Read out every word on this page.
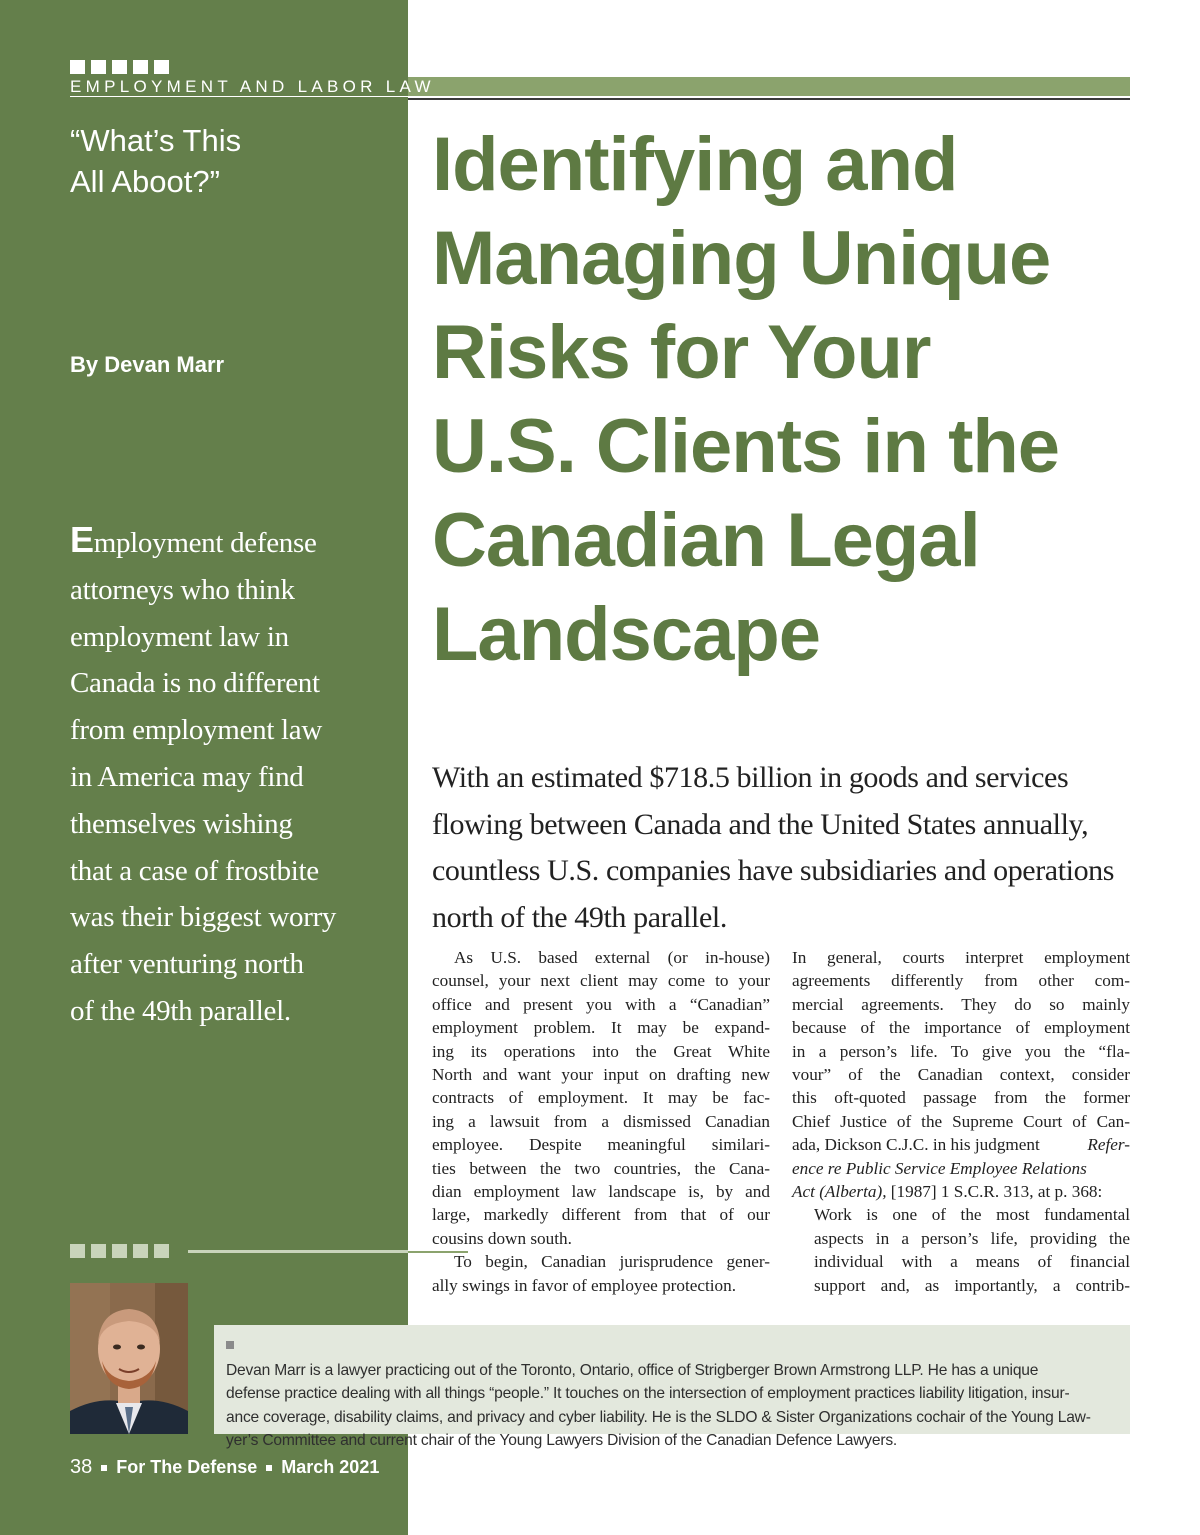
EMPLOYMENT AND LABOR LAW
“What’s This
All Aboot?”
By Devan Marr
Employment defense
attorneys who think
employment law in
Canada is no different
from employment law
in America may find
themselves wishing
that a case of frostbite
was their biggest worry
after venturing north
of the 49th parallel.
Identifying and
Managing Unique
Risks for Your
U.S. Clients in the
Canadian Legal
Landscape
With an estimated $718.5 billion in goods and services
flowing between Canada and the United States annually,
countless U.S. companies have subsidiaries and operations
north of the 49th parallel.
As U.S. based external (or in-house)
counsel, your next client may come to your
office and present you with a “Canadian”
employment problem. It may be expand-
ing its operations into the Great White
North and want your input on drafting new
contracts of employment. It may be fac-
ing a lawsuit from a dismissed Canadian
employee. Despite meaningful similari-
ties between the two countries, the Cana-
dian employment law landscape is, by and
large, markedly different from that of our
cousins down south.
To begin, Canadian jurisprudence gener-
ally swings in favor of employee protection.
In general, courts interpret employment
agreements differently from other com-
mercial agreements. They do so mainly
because of the importance of employment
in a person’s life. To give you the “fla-
vour” of the Canadian context, consider
this oft-quoted passage from the former
Chief Justice of the Supreme Court of Can-
ada, Dickson C.J.C. in his judgment	Refer-
ence re Public Service Employee Relations
Act (Alberta), [1987] 1 S.C.R. 313, at p. 368:
Work is one of the most fundamental
aspects in a person’s life, providing the
individual with a means of financial
support and, as importantly, a contrib-
Devan Marr is a lawyer practicing out of the Toronto, Ontario, office of Strigberger Brown Armstrong LLP. He has a unique
defense practice dealing with all things “people.” It touches on the intersection of employment practices liability litigation, insur-
ance coverage, disability claims, and privacy and cyber liability. He is the SLDO & Sister Organizations cochair of the Young Law-
yer’s Committee and current chair of the Young Lawyers Division of the Canadian Defence Lawyers.
38 For The Defense March 2021
